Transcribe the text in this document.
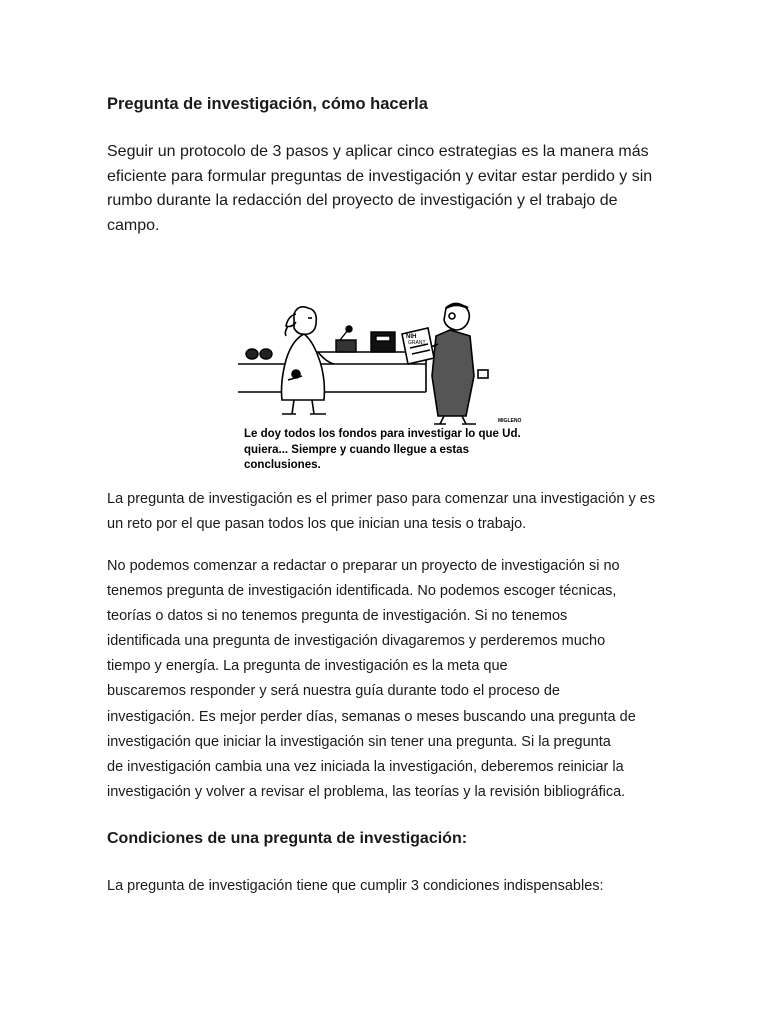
Pregunta de investigación, cómo hacerla

Seguir un protocolo de 3 pasos y aplicar cinco estrategias es la manera más eficiente para formular preguntas de investigación y evitar estar perdido y sin rumbo durante la redacción del proyecto de investigación y el trabajo de campo.

NIH
GRANT
MIGLENO

Le doy todos los fondos para investigar lo que Ud. quiera... Siempre y cuando llegue a estas conclusiones.

La pregunta de investigación es el primer paso para comenzar una investigación y es un reto por el que pasan todos los que inician una tesis o trabajo.

No podemos comenzar a redactar o preparar un proyecto de investigación si no
tenemos pregunta de investigación identificada. No podemos escoger técnicas,
teorías o datos si no tenemos pregunta de investigación. Si no tenemos
identificada una pregunta de investigación divagaremos y perderemos mucho
tiempo y energía. La pregunta de investigación es la meta que
buscaremos responder y será nuestra guía durante todo el proceso de
investigación. Es mejor perder días, semanas o meses buscando una pregunta de
investigación que iniciar la investigación sin tener una pregunta. Si la pregunta
de investigación cambia una vez iniciada la investigación, deberemos reiniciar la
investigación y volver a revisar el problema, las teorías y la revisión bibliográfica.

Condiciones de una pregunta de investigación:

La pregunta de investigación tiene que cumplir 3 condiciones indispensables:
